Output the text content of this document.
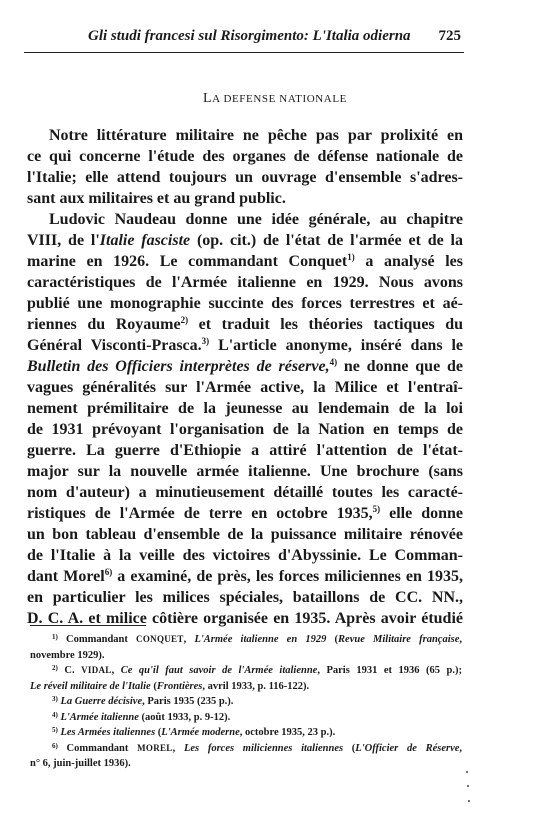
Gli studi francesi sul Risorgimento: L'Italia odierna	725
LA DEFENSE NATIONALE
Notre littérature militaire ne pêche pas par prolixité en
ce qui concerne l'étude des organes de défense nationale de
l'Italie; elle attend toujours un ouvrage d'ensemble s'adres-
sant aux militaires et au grand public.
Ludovic Naudeau donne une idée générale, au chapitre
VIII, de l'Italie fasciste (op. cit.) de l'état de l'armée et de la
marine en 1926. Le commandant Conquet$^{1)}$ a analysé les
caractéristiques de l'Armée italienne en 1929. Nous avons
publié une monographie succinte des forces terrestres et aé-
riennes du Royaume$^{2)}$ et traduit les théories tactiques du
Général Visconti-Prasca.$^{3)}$ L'article anonyme, inséré dans le
Bulletin des Officiers interprètes de réserve,$^{4)}$ ne donne que de
vagues généralités sur l'Armée active, la Milice et l'entraî-
nement prémilitaire de la jeunesse au lendemain de la loi
de 1931 prévoyant l'organisation de la Nation en temps de
guerre. La guerre d'Ethiopie a attiré l'attention de l'état-
major sur la nouvelle armée italienne. Une brochure (sans
nom d'auteur) a minutieusement détaillé toutes les caracté-
ristiques de l'Armée de terre en octobre 1935,$^{5)}$ elle donne
un bon tableau d'ensemble de la puissance militaire rénovée
de l'Italie à la veille des victoires d'Abyssinie. Le Comman-
dant Morel$^{6)}$ a examiné, de près, les forces miliciennes en 1935,
en particulier les milices spéciales, bataillons de CC. NN.,
D. C. A. et milice côtière organisée en 1935. Après avoir étudié
$^{1)}$ Commandant CONQUET, L'Armée italienne en 1929 (Revue Militaire française,
novembre 1929).
$^{2)}$ C. VIDAL, Ce qu'il faut savoir de l'Armée italienne, Paris 1931 et 1936 (65 p.);
Le réveil militaire de l'Italie (Frontières, avril 1933, p. 116-122).
$^{3)}$ La Guerre décisive, Paris 1935 (235 p.).
$^{4)}$ L'Armée italienne (août 1933, p. 9-12).
$^{5)}$ Les Armées italiennes (L'Armée moderne, octobre 1935, 23 p.).
$^{6)}$ Commandant MOREL, Les forces miliciennes italiennes (L'Officier de Réserve,
n° 6, juin-juillet 1936).
